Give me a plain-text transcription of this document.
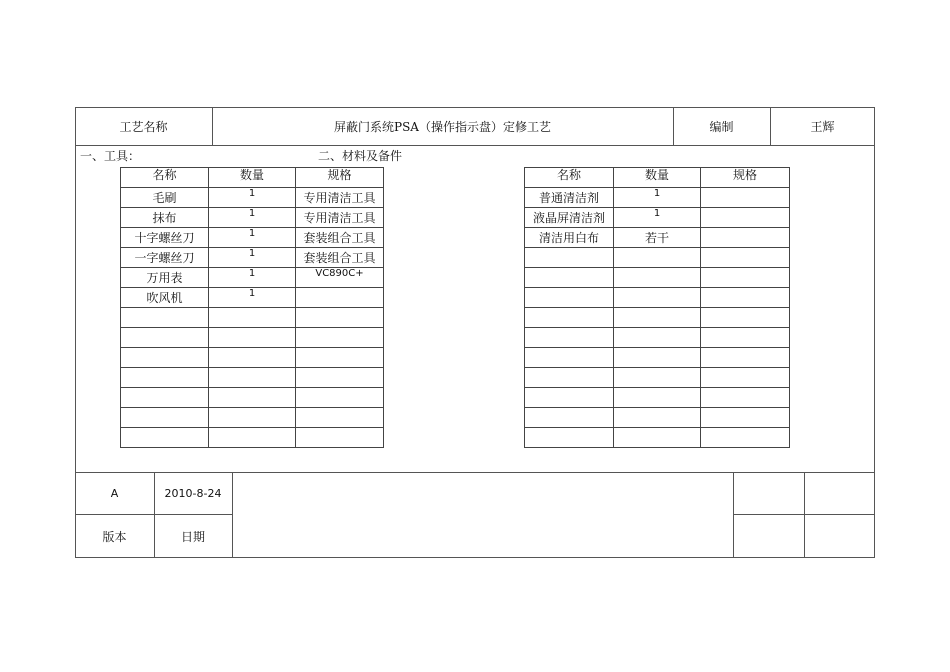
工艺名称	屏蔽门系统PSA（操作指示盘）定修工艺	编制	王辉
一、工具：	二、材料及备件
名称	数量	规格
毛刷	1	专用清洁工具
抹布	1	专用清洁工具
十字螺丝刀	1	套装组合工具
一字螺丝刀	1	套装组合工具
万用表	1	VC890C+
吹风机	1	

名称	数量	规格
普通清洁剂	1	
液晶屏清洁剂	1	
清洁用白布	若干	

A	2010-8-24
版本	日期
